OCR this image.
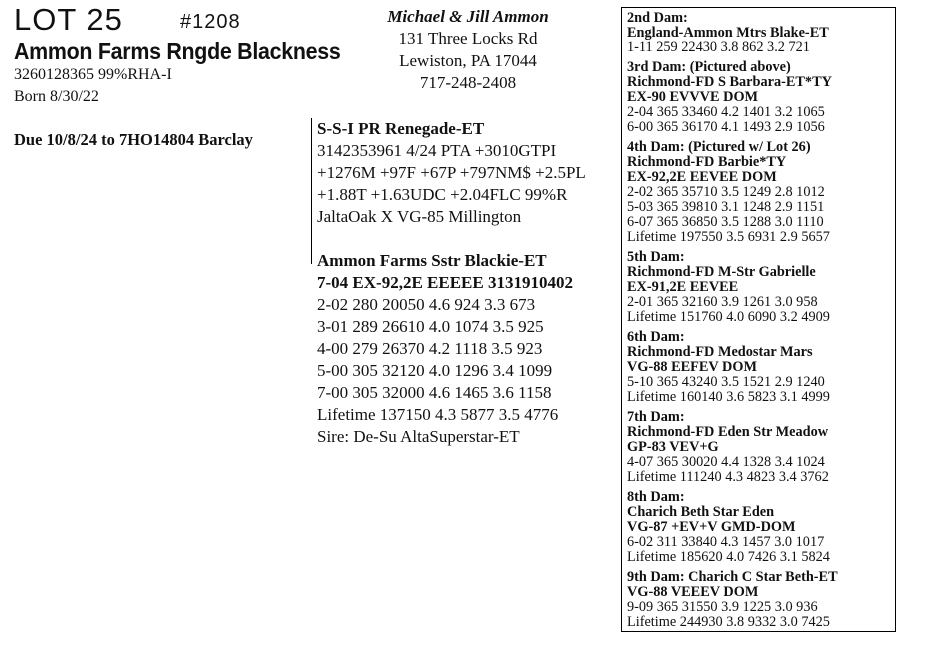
LOT 25	#1208
Ammon Farms Rngde Blackness
3260128365 99%RHA-I
Born 8/30/22
Due 10/8/24 to 7HO14804 Barclay
Michael & Jill Ammon
131 Three Locks Rd
Lewiston, PA 17044
717-248-2408
S-S-I PR Renegade-ET
3142353961 4/24 PTA +3010GTPI
+1276M +97F +67P +797NM$ +2.5PL
+1.88T +1.63UDC +2.04FLC 99%R
JaltaOak X VG-85 Millington
Ammon Farms Sstr Blackie-ET
7-04 EX-92,2E EEEEE 3131910402
2-02 280 20050 4.6 924 3.3 673
3-01 289 26610 4.0 1074 3.5 925
4-00 279 26370 4.2 1118 3.5 923
5-00 305 32120 4.0 1296 3.4 1099
7-00 305 32000 4.6 1465 3.6 1158
Lifetime 137150 4.3 5877 3.5 4776
Sire: De-Su AltaSuperstar-ET
2nd Dam:
England-Ammon Mtrs Blake-ET
1-11 259 22430 3.8 862 3.2 721
3rd Dam: (Pictured above)
Richmond-FD S Barbara-ET*TY
EX-90 EVVVE DOM
2-04 365 33460 4.2 1401 3.2 1065
6-00 365 36170 4.1 1493 2.9 1056
4th Dam: (Pictured w/ Lot 26)
Richmond-FD Barbie*TY
EX-92,2E EEVEE DOM
2-02 365 35710 3.5 1249 2.8 1012
5-03 365 39810 3.1 1248 2.9 1151
6-07 365 36850 3.5 1288 3.0 1110
Lifetime 197550 3.5 6931 2.9 5657
5th Dam:
Richmond-FD M-Str Gabrielle
EX-91,2E EEVEE
2-01 365 32160 3.9 1261 3.0 958
Lifetime 151760 4.0 6090 3.2 4909
6th Dam:
Richmond-FD Medostar Mars
VG-88 EEFEV DOM
5-10 365 43240 3.5 1521 2.9 1240
Lifetime 160140 3.6 5823 3.1 4999
7th Dam:
Richmond-FD Eden Str Meadow
GP-83 VEV+G
4-07 365 30020 4.4 1328 3.4 1024
Lifetime 111240 4.3 4823 3.4 3762
8th Dam:
Charich Beth Star Eden
VG-87 +EV+V GMD-DOM
6-02 311 33840 4.3 1457 3.0 1017
Lifetime 185620 4.0 7426 3.1 5824
9th Dam: Charich C Star Beth-ET
VG-88 VEEEV DOM
9-09 365 31550 3.9 1225 3.0 936
Lifetime 244930 3.8 9332 3.0 7425
